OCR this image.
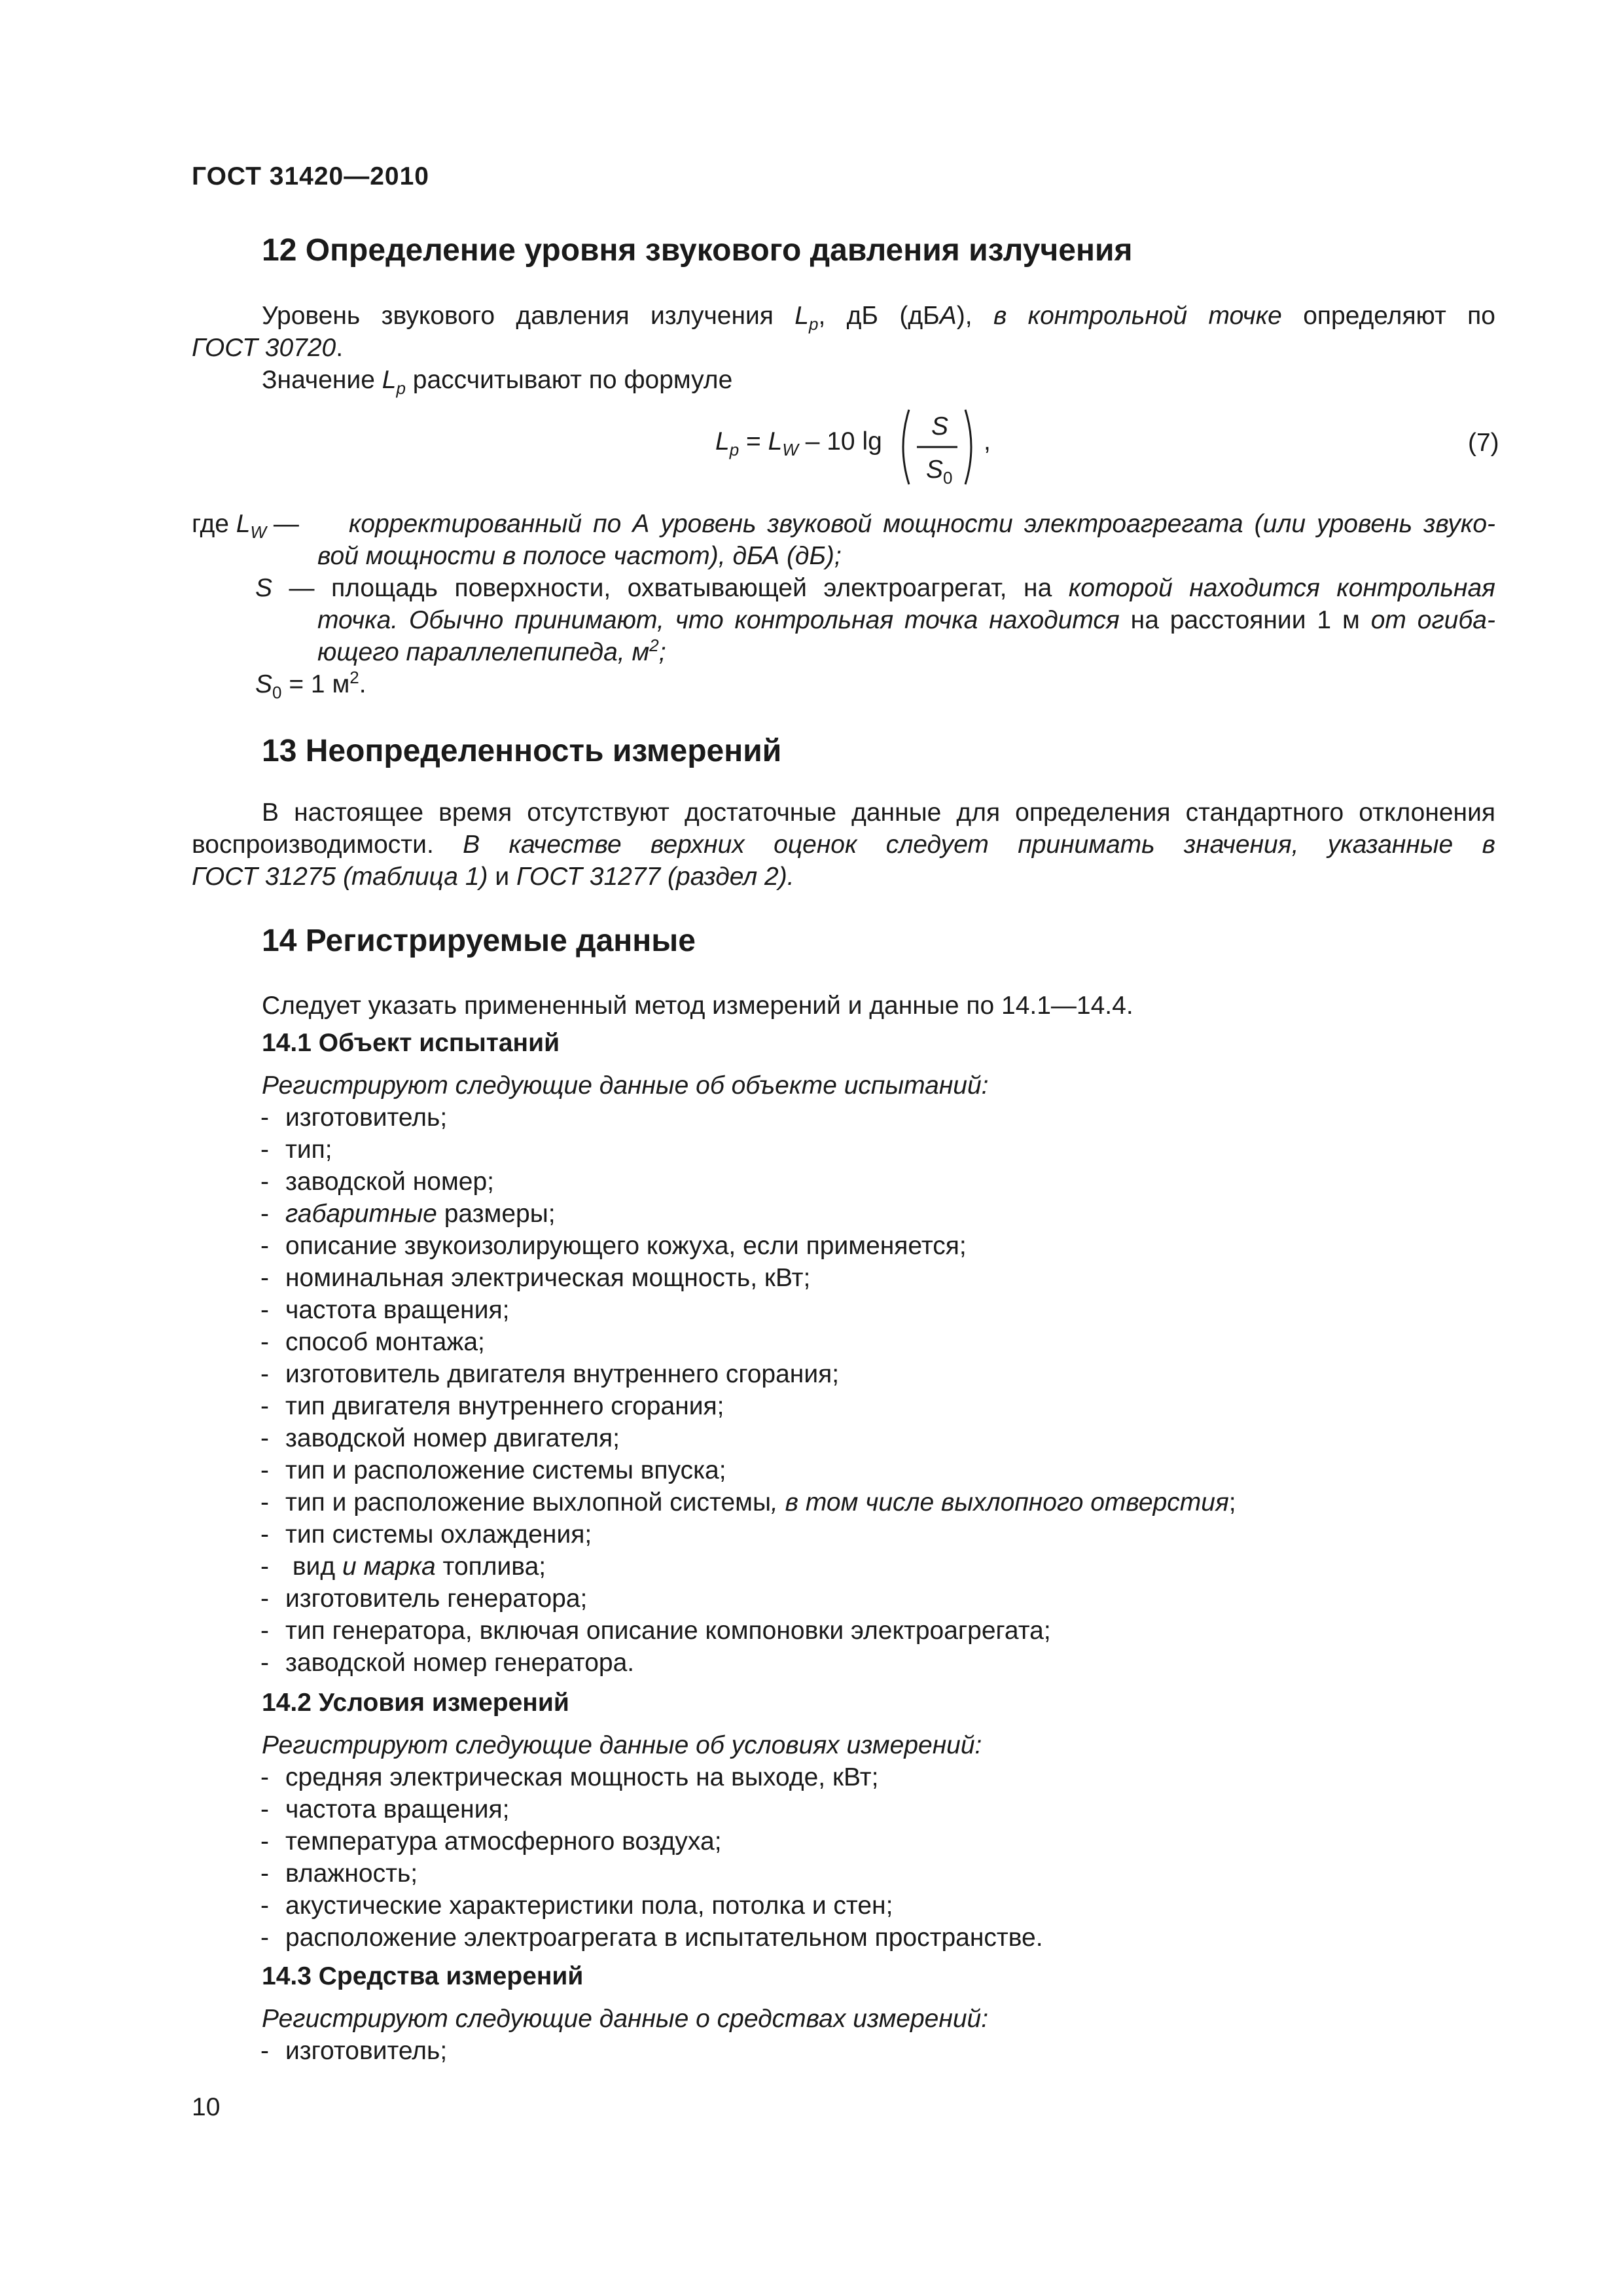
ГОСТ 31420—2010
12 Определение уровня звукового давления излучения
Уровень звукового давления излучения $L_p$, дБ (дБА), в контрольной точке определяют по
ГОСТ 30720.
Значение $L_p$ рассчитывают по формуле
$L_p = L_W - 10$ lg
S
$S_0$
,	(7)
где $L_W$ — корректированный по А уровень звуковой мощности электроагрегата (или уровень звуко-
вой мощности в полосе частот), дБА (дБ);
S — площадь поверхности, охватывающей электроагрегат, на которой находится контрольная
точка. Обычно принимают, что контрольная точка находится на расстоянии 1 м от огиба-
ющего параллелепипеда, $м^2$;
$S_0 = 1$ $м^2$.
13 Неопределенность измерений
В настоящее время отсутствуют достаточные данные для определения стандартного отклонения
воспроизводимости. В качестве верхних оценок следует принимать значения, указанные в
ГОСТ 31275 (таблица 1) и ГОСТ 31277 (раздел 2).
14 Регистрируемые данные
Следует указать примененный метод измерений и данные по 14.1—14.4.
14.1 Объект испытаний
Регистрируют следующие данные об объекте испытаний:
- изготовитель;
- тип;
- заводской номер;
- габаритные размеры;
- описание звукоизолирующего кожуха, если применяется;
- номинальная электрическая мощность, кВт;
- частота вращения;
- способ монтажа;
- изготовитель двигателя внутреннего сгорания;
- тип двигателя внутреннего сгорания;
- заводской номер двигателя;
- тип и расположение системы впуска;
- тип и расположение выхлопной системы, в том числе выхлопного отверстия;
- тип системы охлаждения;
- вид и марка топлива;
- изготовитель генератора;
- тип генератора, включая описание компоновки электроагрегата;
- заводской номер генератора.
14.2 Условия измерений
Регистрируют следующие данные об условиях измерений:
- средняя электрическая мощность на выходе, кВт;
- частота вращения;
- температура атмосферного воздуха;
- влажность;
- акустические характеристики пола, потолка и стен;
- расположение электроагрегата в испытательном пространстве.
14.3 Средства измерений
Регистрируют следующие данные о средствах измерений:
- изготовитель;
10
